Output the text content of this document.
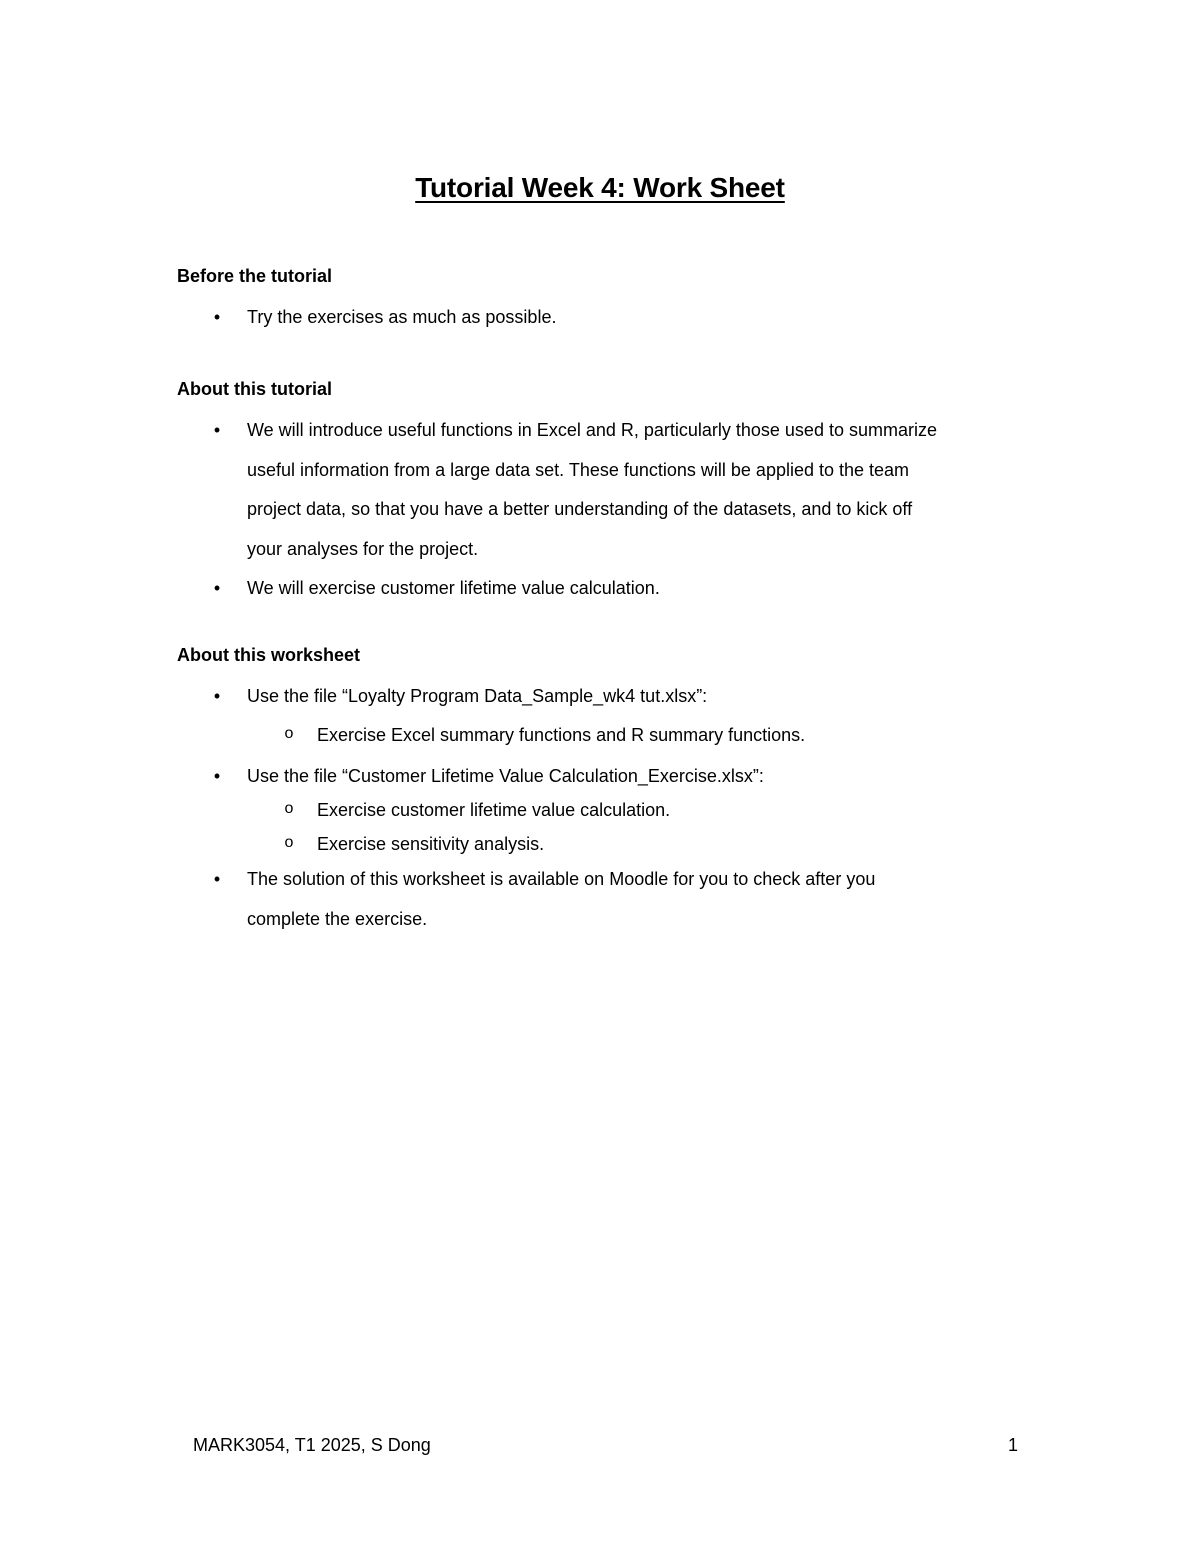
Tutorial Week 4: Work Sheet
Before the tutorial
• Try the exercises as much as possible.
About this tutorial
• We will introduce useful functions in Excel and R, particularly those used to summarize
useful information from a large data set. These functions will be applied to the team
project data, so that you have a better understanding of the datasets, and to kick off
your analyses for the project.
• We will exercise customer lifetime value calculation.
About this worksheet
• Use the file “Loyalty Program Data_Sample_wk4 tut.xlsx”:
o Exercise Excel summary functions and R summary functions.
• Use the file “Customer Lifetime Value Calculation_Exercise.xlsx”:
o Exercise customer lifetime value calculation.
o Exercise sensitivity analysis.
• The solution of this worksheet is available on Moodle for you to check after you
complete the exercise.
MARK3054, T1 2025, S Dong	1
